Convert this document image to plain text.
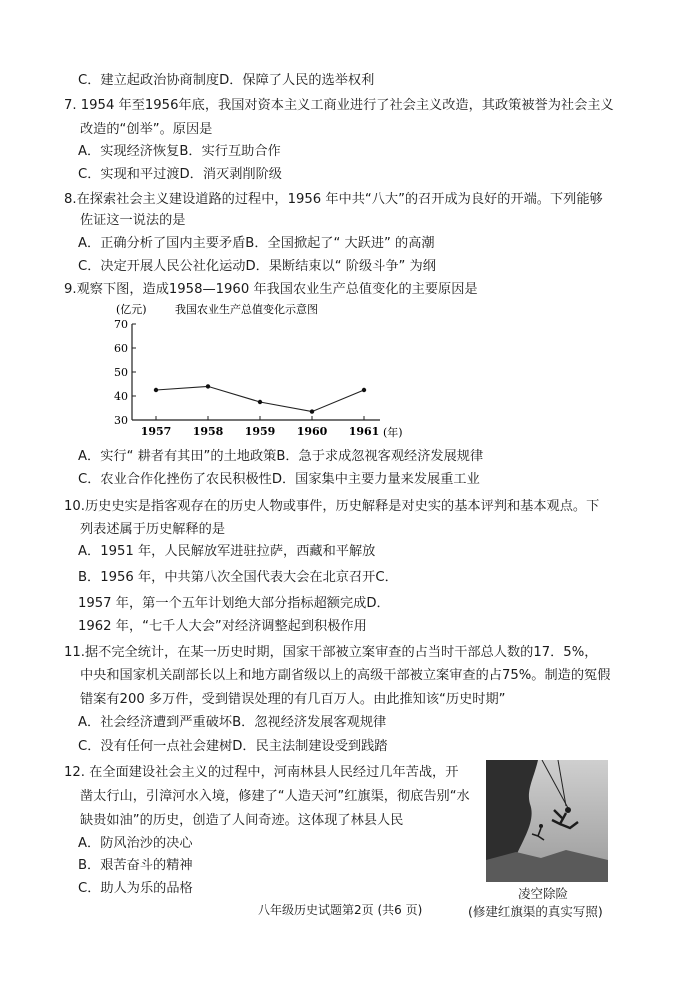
C．建立起政治协商制度D．保障了人民的选举权利
7. 1954 年至1956年底，我国对资本主义工商业进行了社会主义改造，其政策被誉为社会主义
改造的“创举”。原因是
A．实现经济恢复B．实行互助合作
C．实现和平过渡D．消灭剥削阶级
8.在探索社会主义建设道路的过程中，1956 年中共“八大”的召开成为良好的开端。下列能够
佐证这一说法的是
A．正确分析了国内主要矛盾B．全国掀起了“ 大跃进” 的高潮
C．决定开展人民公社化运动D．果断结束以“ 阶级斗争” 为纲
9.观察下图，造成1958—1960 年我国农业生产总值变化的主要原因是
A．实行“ 耕者有其田”的土地政策B．急于求成忽视客观经济发展规律
C．农业合作化挫伤了农民积极性D．国家集中主要力量来发展重工业
10.历史史实是指客观存在的历史人物或事件，历史解释是对史实的基本评判和基本观点。下
列表述属于历史解释的是
A．1951 年，人民解放军进驻拉萨，西藏和平解放
B．1956 年，中共第八次全国代表大会在北京召开C．
1957 年，第一个五年计划绝大部分指标超额完成D．
1962 年，“七千人大会”对经济调整起到积极作用
11.据不完全统计，在某一历史时期，国家干部被立案审查的占当时干部总人数的17．5%，
中央和国家机关副部长以上和地方副省级以上的高级干部被立案审查的占75%。制造的冤假
错案有200 多万件，受到错误处理的有几百万人。由此推知该“历史时期”
A．社会经济遭到严重破坏B．忽视经济发展客观规律
C．没有任何一点社会建树D．民主法制建设受到践踏
12. 在全面建设社会主义的过程中，河南林县人民经过几年苦战，开
凿太行山，引漳河水入境，修建了“人造天河”红旗渠，彻底告别“水
缺贵如油”的历史，创造了人间奇迹。这体现了林县人民
A．防风治沙的决心
B．艰苦奋斗的精神
C．助人为乐的品格
(亿元)	我国农业生产总值变化示意图
(年)
30
40
50
60
70
1957 1958 1959 1960 1961
凌空除险
(修建红旗渠的真实写照)
八年级历史试题第2页 (共6 页)
